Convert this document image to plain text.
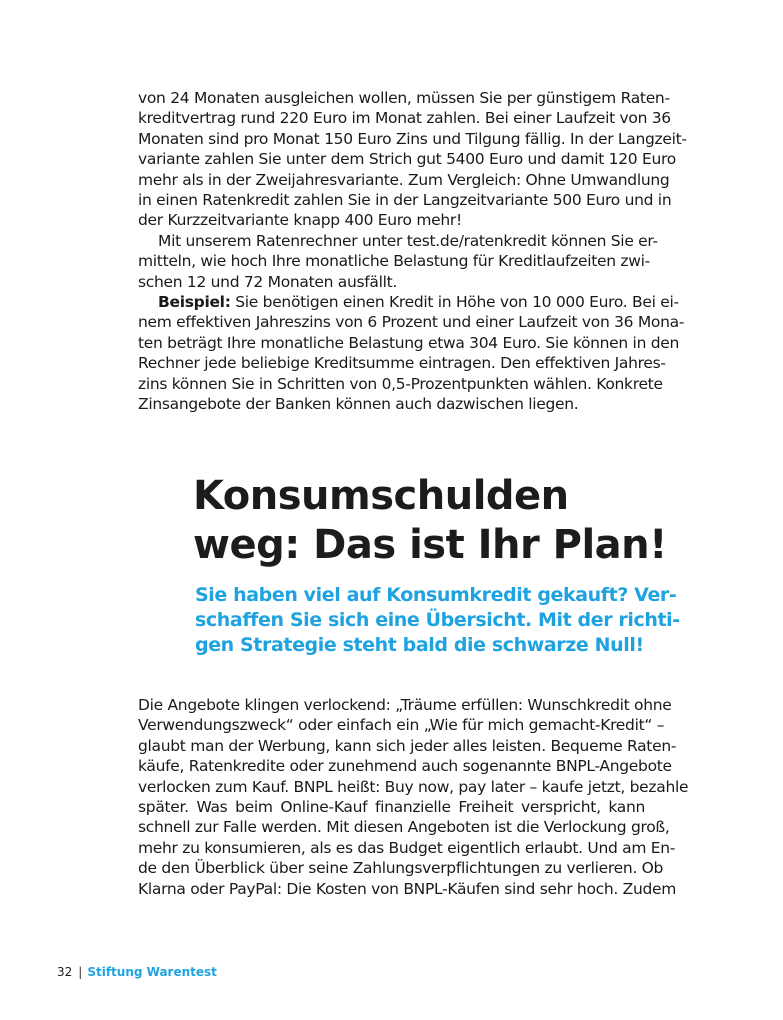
von 24 Monaten ausgleichen wollen, müssen Sie per günstigem Raten-
kreditvertrag rund 220 Euro im Monat zahlen. Bei einer Laufzeit von 36
Monaten sind pro Monat 150 Euro Zins und Tilgung fällig. In der Langzeit-
variante zahlen Sie unter dem Strich gut 5400 Euro und damit 120 Euro
mehr als in der Zweijahresvariante. Zum Vergleich: Ohne Umwandlung
in einen Ratenkredit zahlen Sie in der Langzeitvariante 500 Euro und in
der Kurzzeitvariante knapp 400 Euro mehr!
Mit unserem Ratenrechner unter test.de/ratenkredit können Sie er-
mitteln, wie hoch Ihre monatliche Belastung für Kreditlaufzeiten zwi-
schen 12 und 72 Monaten ausfällt.
Beispiel: Sie benötigen einen Kredit in Höhe von 10 000 Euro. Bei ei-
nem effektiven Jahreszins von 6 Prozent und einer Laufzeit von 36 Mona-
ten beträgt Ihre monatliche Belastung etwa 304 Euro. Sie können in den
Rechner jede beliebige Kreditsumme eintragen. Den effektiven Jahres-
zins können Sie in Schritten von 0,5-Prozentpunkten wählen. Konkrete
Zinsangebote der Banken können auch dazwischen liegen.
Konsumschulden
weg: Das ist Ihr Plan!
Sie haben viel auf Konsumkredit gekauft? Ver-
schaffen Sie sich eine Übersicht. Mit der richti-
gen Strategie steht bald die schwarze Null!
Die Angebote klingen verlockend: „Träume erfüllen: Wunschkredit ohne
Verwendungszweck“ oder einfach ein „Wie für mich gemacht-Kredit“ –
glaubt man der Werbung, kann sich jeder alles leisten. Bequeme Raten-
käufe, Ratenkredite oder zunehmend auch sogenannte BNPL-Angebote
verlocken zum Kauf. BNPL heißt: Buy now, pay later – kaufe jetzt, bezahle
später. Was beim Online-Kauf finanzielle Freiheit verspricht, kann
schnell zur Falle werden. Mit diesen Angeboten ist die Verlockung groß,
mehr zu konsumieren, als es das Budget eigentlich erlaubt. Und am En-
de den Überblick über seine Zahlungsverpflichtungen zu verlieren. Ob
Klarna oder PayPal: Die Kosten von BNPL-Käufen sind sehr hoch. Zudem
32 | Stiftung Warentest
